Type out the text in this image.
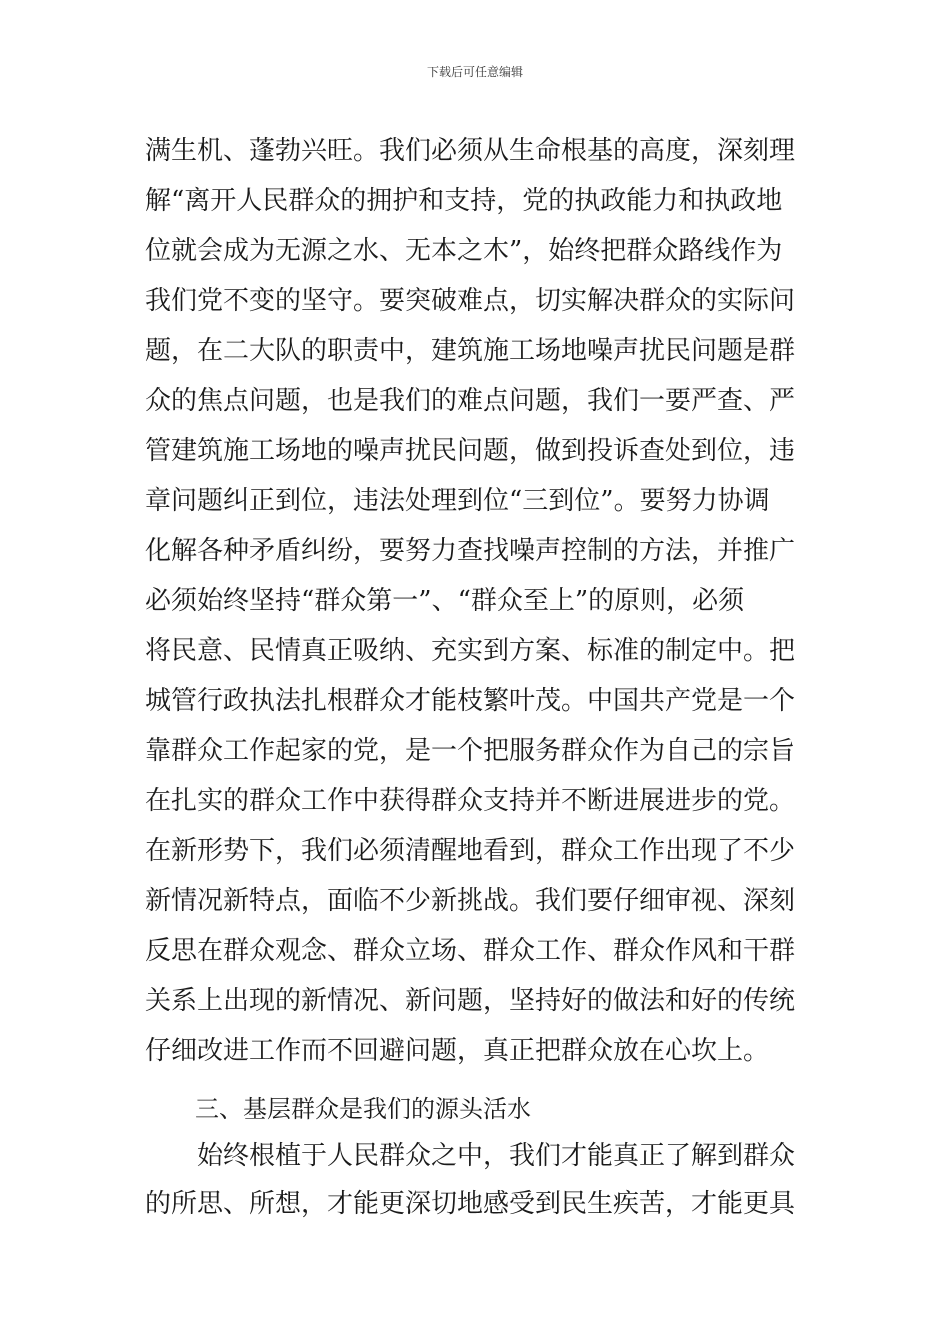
下载后可任意编辑
满生机、蓬勃兴旺。我们必须从生命根基的高度，深刻理
解“离开人民群众的拥护和支持，党的执政能力和执政地
位就会成为无源之水、无本之木”，始终把群众路线作为
我们党不变的坚守。要突破难点，切实解决群众的实际问
题，在二大队的职责中，建筑施工场地噪声扰民问题是群
众的焦点问题，也是我们的难点问题，我们一要严查、严
管建筑施工场地的噪声扰民问题，做到投诉查处到位，违
章问题纠正到位，违法处理到位“三到位”。要努力协调
化解各种矛盾纠纷，要努力查找噪声控制的方法，并推广
必须始终坚持“群众第一”、“群众至上”的原则，必须
将民意、民情真正吸纳、充实到方案、标准的制定中。把
城管行政执法扎根群众才能枝繁叶茂。中国共产党是一个
靠群众工作起家的党，是一个把服务群众作为自己的宗旨
在扎实的群众工作中获得群众支持并不断进展进步的党。
在新形势下，我们必须清醒地看到，群众工作出现了不少
新情况新特点，面临不少新挑战。我们要仔细审视、深刻
反思在群众观念、群众立场、群众工作、群众作风和干群
关系上出现的新情况、新问题，坚持好的做法和好的传统
仔细改进工作而不回避问题，真正把群众放在心坎上。
三、基层群众是我们的源头活水
始终根植于人民群众之中，我们才能真正了解到群众
的所思、所想，才能更深切地感受到民生疾苦，才能更具
